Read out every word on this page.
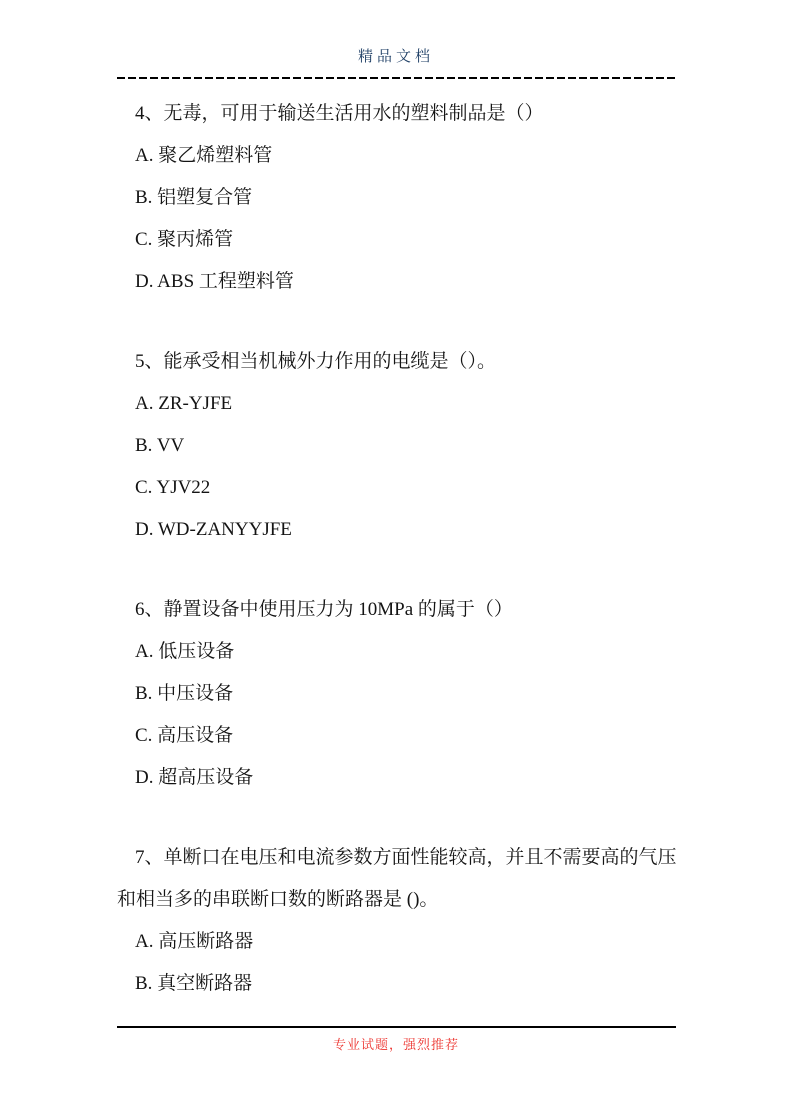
精品文档

4、无毒，可用于输送生活用水的塑料制品是（）

A. 聚乙烯塑料管

B. 铝塑复合管

C. 聚丙烯管

D. ABS 工程塑料管

5、能承受相当机械外力作用的电缆是（）。

A. ZR-YJFE

B. VV

C. YJV22

D. WD-ZANYYJFE

6、静置设备中使用压力为 10MPa 的属于（）

A. 低压设备

B. 中压设备

C. 高压设备

D. 超高压设备

7、单断口在电压和电流参数方面性能较高，并且不需要高的气压和相当多的串联断口数的断路器是 ()。

A. 高压断路器

B. 真空断路器

专业试题，强烈推荐
